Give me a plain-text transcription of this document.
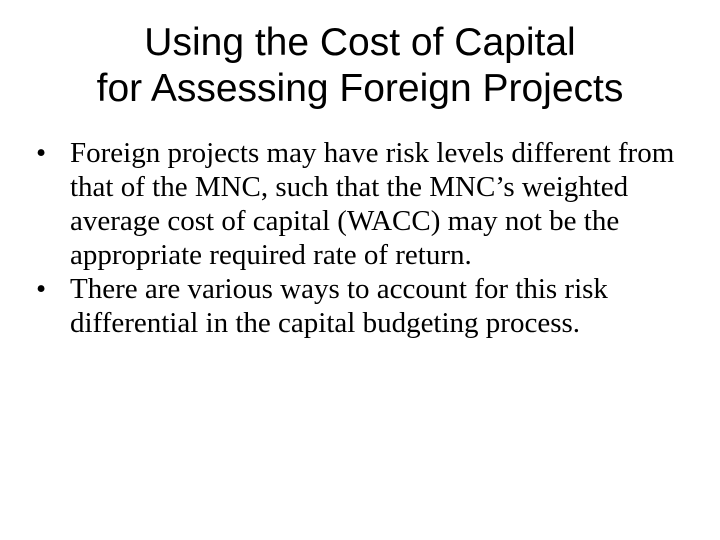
Using the Cost of Capital
for Assessing Foreign Projects
• Foreign projects may have risk levels different from that of the MNC, such that the MNC’s weighted average cost of capital (WACC) may not be the appropriate required rate of return.
• There are various ways to account for this risk differential in the capital budgeting process.
